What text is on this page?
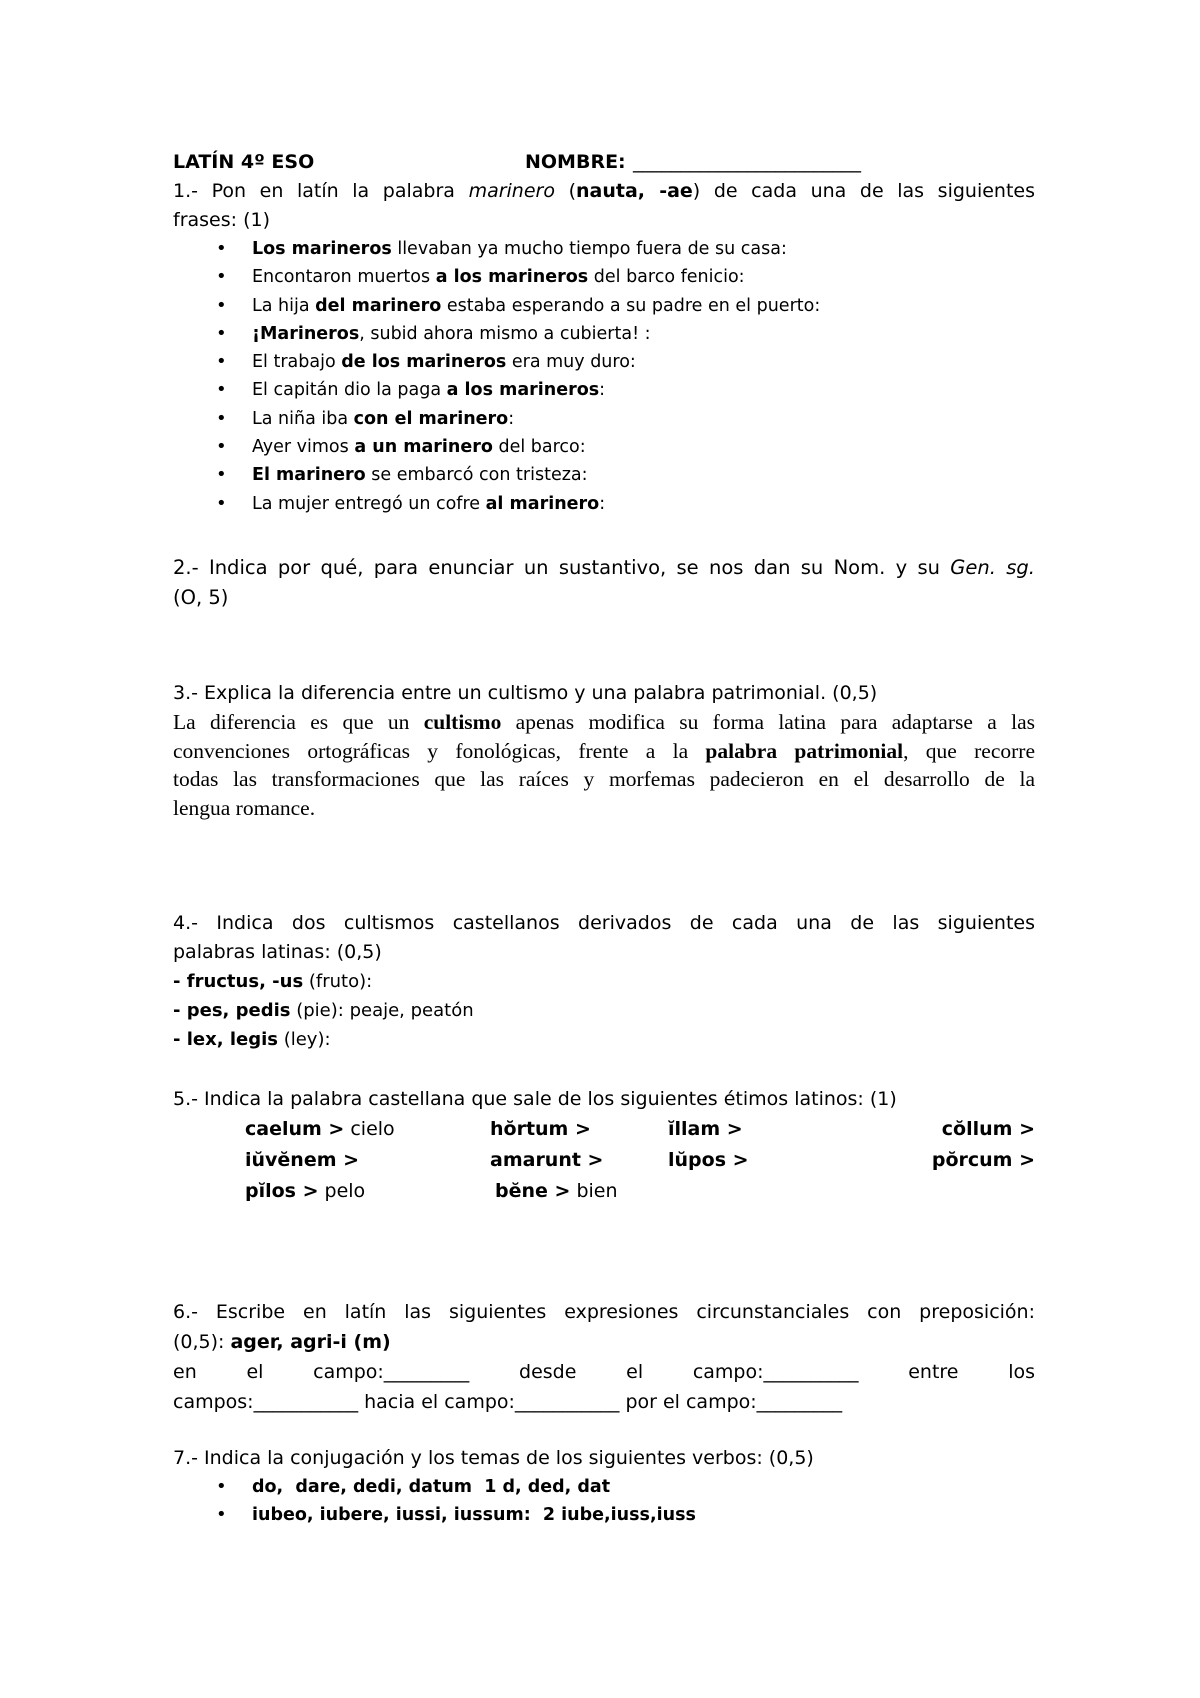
LATÍN 4º ESO	NOMBRE: ________________________
1.- Pon en latín la palabra marinero (nauta, -ae) de cada una de las siguientes
frases: (1)
• Los marineros llevaban ya mucho tiempo fuera de su casa:
• Encontaron muertos a los marineros del barco fenicio:
• La hija del marinero estaba esperando a su padre en el puerto:
• ¡Marineros, subid ahora mismo a cubierta! :
• El trabajo de los marineros era muy duro:
• El capitán dio la paga a los marineros:
• La niña iba con el marinero:
• Ayer vimos a un marinero del barco:
• El marinero se embarcó con tristeza:
• La mujer entregó un cofre al marinero:
2.- Indica por qué, para enunciar un sustantivo, se nos dan su Nom. y su Gen. sg.
(O, 5)
3.- Explica la diferencia entre un cultismo y una palabra patrimonial. (0,5)
La diferencia es que un cultismo apenas modifica su forma latina para adaptarse a las
convenciones ortográficas y fonológicas, frente a la palabra patrimonial, que recorre
todas las transformaciones que las raíces y morfemas padecieron en el desarrollo de la
lengua romance.
4.- Indica dos cultismos castellanos derivados de cada una de las siguientes
palabras latinas: (0,5)
- fructus, -us (fruto):
- pes, pedis (pie): peaje, peatón
- lex, legis (ley):
5.- Indica la palabra castellana que sale de los siguientes étimos latinos: (1)
caelum > cielo	hŏrtum >	ĭllam >	cŏllum >
iŭvĕnem >	amarunt >	lŭpos >	pŏrcum >
pĭlos > pelo	bĕne > bien
6.- Escribe en latín las siguientes expresiones circunstanciales con preposición:
(0,5): ager, agri-i (m)
en el campo:_________ desde el campo:__________ entre los
campos:___________ hacia el campo:___________ por el campo:_________
7.- Indica la conjugación y los temas de los siguientes verbos: (0,5)
• do,  dare, dedi, datum  1 d, ded, dat
• iubeo, iubere, iussi, iussum:  2 iube,iuss,iuss
